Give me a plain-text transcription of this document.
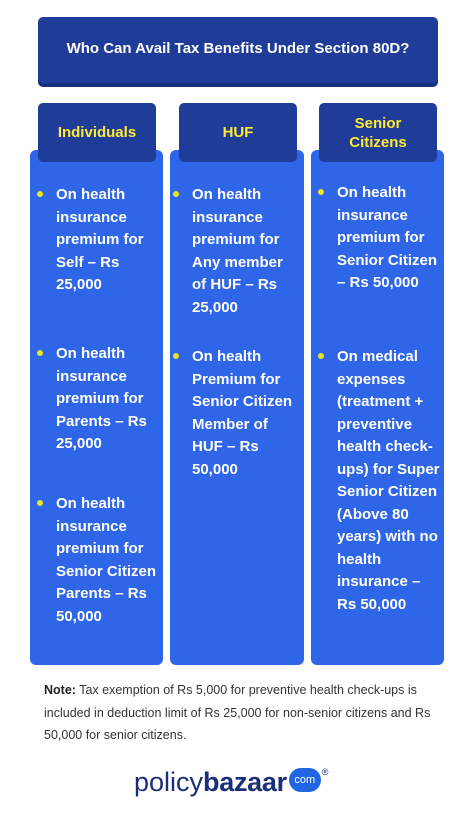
Who Can Avail Tax Benefits Under Section 80D?
Individuals	HUF
Senior Citizens
On health insurance premium for Self – Rs 25,000
On health insurance premium for Parents – Rs 25,000
On health insurance premium for Senior Citizen Parents – Rs 50,000
On health insurance premium for Any member of HUF – Rs 25,000
On health Premium for Senior Citizen Member of HUF – Rs 50,000
On health insurance premium for Senior Citizen – Rs 50,000
On medical expenses (treatment + preventive health check-ups) for Super Senior Citizen (Above 80 years) with no health insurance – Rs 50,000
Note: Tax exemption of Rs 5,000 for preventive health check-ups is included in deduction limit of Rs 25,000 for non-senior citizens and Rs 50,000 for senior citizens.
policy bazaar com
®
